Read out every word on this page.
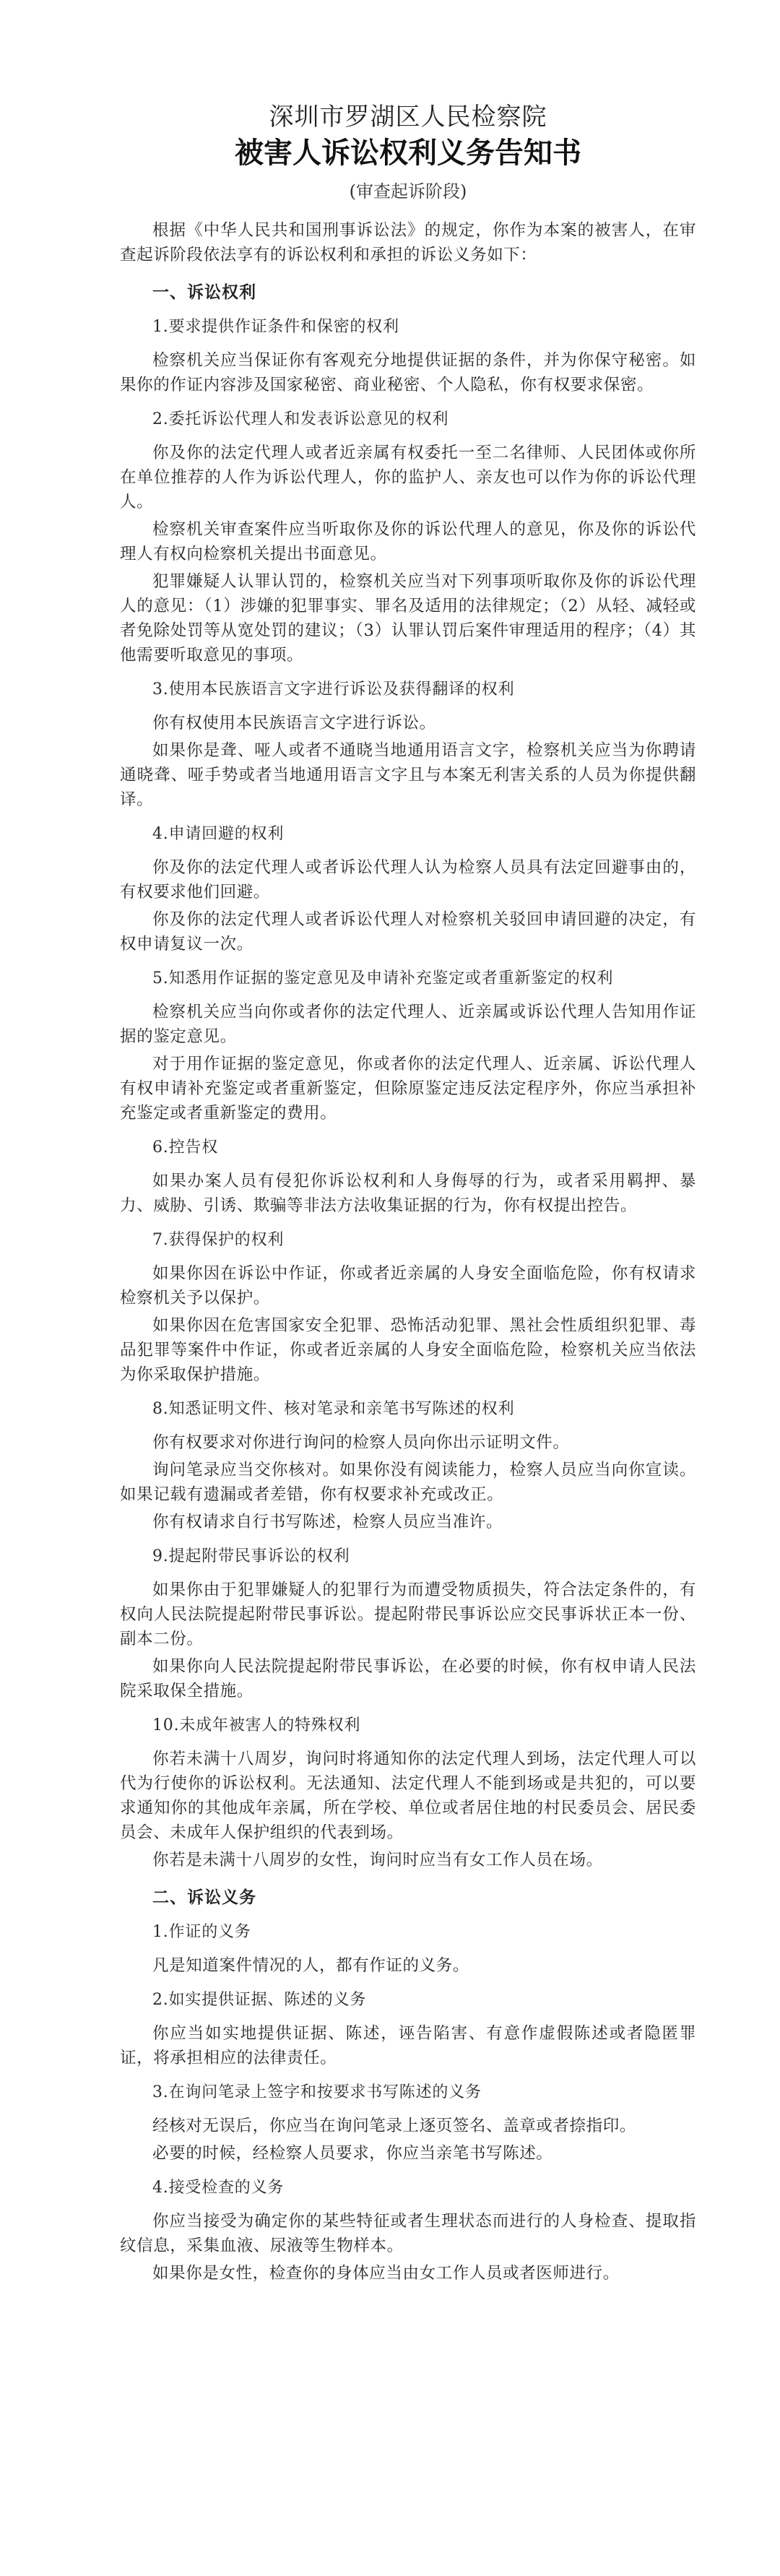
深圳市罗湖区人民检察院
被害人诉讼权利义务告知书
(审查起诉阶段)

根据《中华人民共和国刑事诉讼法》的规定，你作为本案的被害人，在审查起诉阶段依法享有的诉讼权利和承担的诉讼义务如下：

一、诉讼权利
1.要求提供作证条件和保密的权利

检察机关应当保证你有客观充分地提供证据的条件，并为你保守秘密。如果你的作证内容涉及国家秘密、商业秘密、个人隐私，你有权要求保密。

2.委托诉讼代理人和发表诉讼意见的权利

你及你的法定代理人或者近亲属有权委托一至二名律师、人民团体或你所在单位推荐的人作为诉讼代理人，你的监护人、亲友也可以作为你的诉讼代理人。

检察机关审查案件应当听取你及你的诉讼代理人的意见，你及你的诉讼代理人有权向检察机关提出书面意见。

犯罪嫌疑人认罪认罚的，检察机关应当对下列事项听取你及你的诉讼代理人的意见：（1）涉嫌的犯罪事实、罪名及适用的法律规定；（2）从轻、减轻或者免除处罚等从宽处罚的建议；（3）认罪认罚后案件审理适用的程序；（4）其他需要听取意见的事项。

3.使用本民族语言文字进行诉讼及获得翻译的权利

你有权使用本民族语言文字进行诉讼。

如果你是聋、哑人或者不通晓当地通用语言文字，检察机关应当为你聘请通晓聋、哑手势或者当地通用语言文字且与本案无利害关系的人员为你提供翻译。

4.申请回避的权利

你及你的法定代理人或者诉讼代理人认为检察人员具有法定回避事由的，有权要求他们回避。

你及你的法定代理人或者诉讼代理人对检察机关驳回申请回避的决定，有权申请复议一次。

5.知悉用作证据的鉴定意见及申请补充鉴定或者重新鉴定的权利

检察机关应当向你或者你的法定代理人、近亲属或诉讼代理人告知用作证据的鉴定意见。

对于用作证据的鉴定意见，你或者你的法定代理人、近亲属、诉讼代理人有权申请补充鉴定或者重新鉴定，但除原鉴定违反法定程序外，你应当承担补充鉴定或者重新鉴定的费用。

6.控告权

如果办案人员有侵犯你诉讼权利和人身侮辱的行为，或者采用羁押、暴力、威胁、引诱、欺骗等非法方法收集证据的行为，你有权提出控告。

7.获得保护的权利

如果你因在诉讼中作证，你或者近亲属的人身安全面临危险，你有权请求检察机关予以保护。

如果你因在危害国家安全犯罪、恐怖活动犯罪、黑社会性质组织犯罪、毒品犯罪等案件中作证，你或者近亲属的人身安全面临危险，检察机关应当依法为你采取保护措施。

8.知悉证明文件、核对笔录和亲笔书写陈述的权利

你有权要求对你进行询问的检察人员向你出示证明文件。

询问笔录应当交你核对。如果你没有阅读能力，检察人员应当向你宣读。如果记载有遗漏或者差错，你有权要求补充或改正。

你有权请求自行书写陈述，检察人员应当准许。

9.提起附带民事诉讼的权利

如果你由于犯罪嫌疑人的犯罪行为而遭受物质损失，符合法定条件的，有权向人民法院提起附带民事诉讼。提起附带民事诉讼应交民事诉状正本一份、副本二份。

如果你向人民法院提起附带民事诉讼，在必要的时候，你有权申请人民法院采取保全措施。

10.未成年被害人的特殊权利

你若未满十八周岁，询问时将通知你的法定代理人到场，法定代理人可以代为行使你的诉讼权利。无法通知、法定代理人不能到场或是共犯的，可以要求通知你的其他成年亲属，所在学校、单位或者居住地的村民委员会、居民委员会、未成年人保护组织的代表到场。

你若是未满十八周岁的女性，询问时应当有女工作人员在场。

二、诉讼义务
1.作证的义务

凡是知道案件情况的人，都有作证的义务。

2.如实提供证据、陈述的义务

你应当如实地提供证据、陈述，诬告陷害、有意作虚假陈述或者隐匿罪证，将承担相应的法律责任。

3.在询问笔录上签字和按要求书写陈述的义务

经核对无误后，你应当在询问笔录上逐页签名、盖章或者捺指印。

必要的时候，经检察人员要求，你应当亲笔书写陈述。

4.接受检查的义务

你应当接受为确定你的某些特征或者生理状态而进行的人身检查、提取指纹信息，采集血液、尿液等生物样本。

如果你是女性，检查你的身体应当由女工作人员或者医师进行。
